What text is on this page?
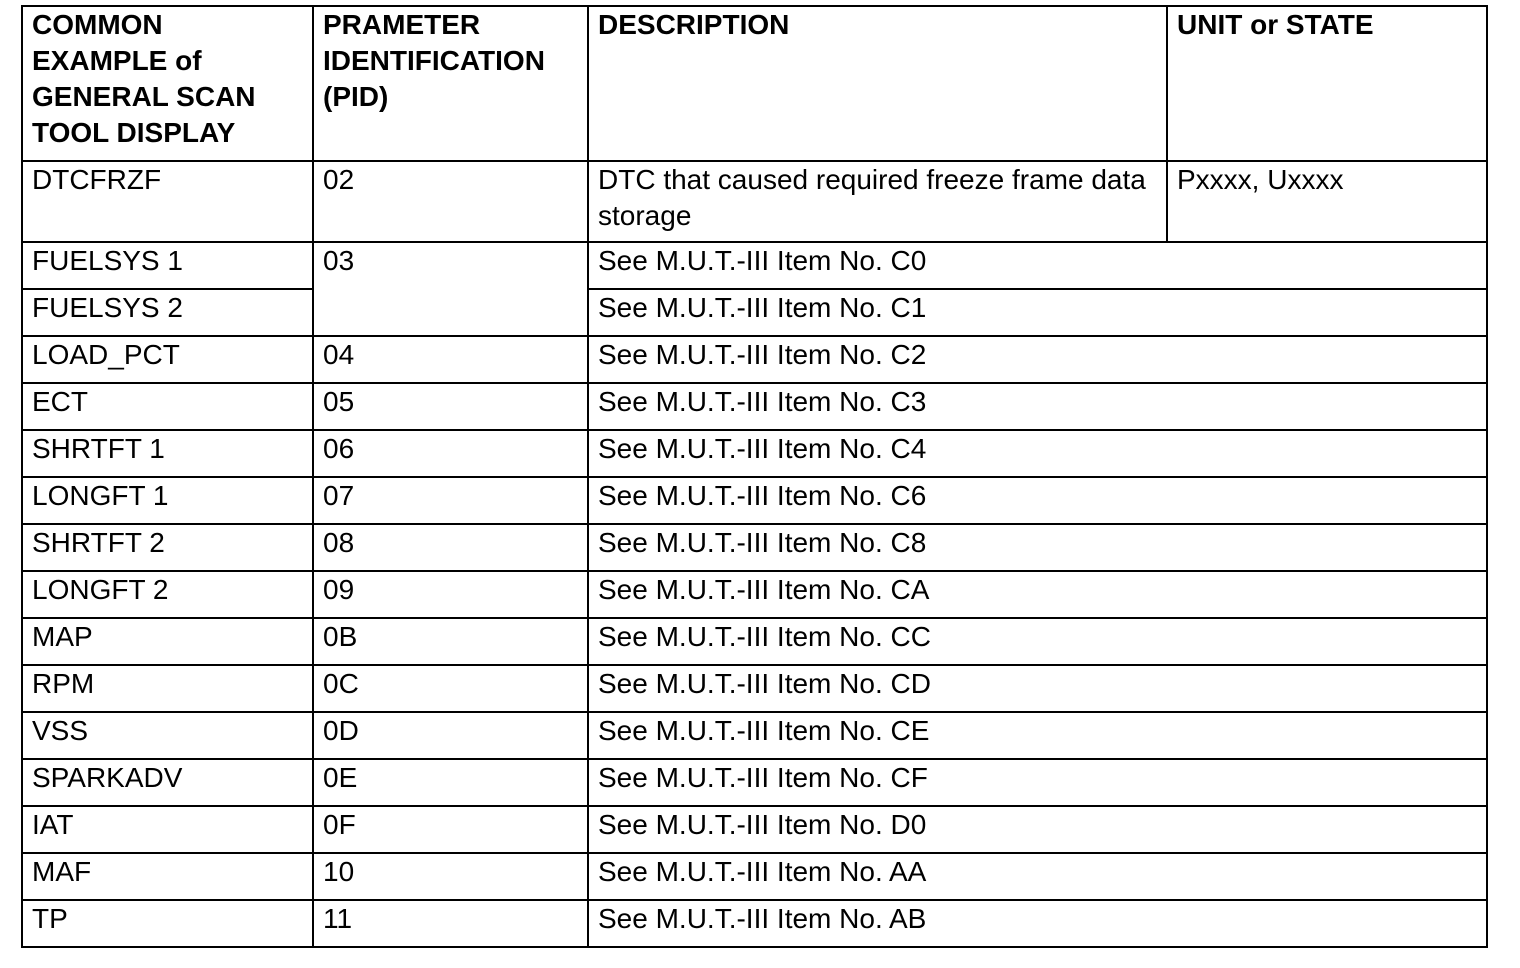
COMMON EXAMPLE of GENERAL SCAN TOOL DISPLAY	PRAMETER IDENTIFICATION (PID)	DESCRIPTION	UNIT or STATE

DTCFRZF	02	DTC that caused required freeze frame data storage	Pxxxx, Uxxxx
FUELSYS 1	03	See M.U.T.-III Item No. C0	
FUELSYS 2		See M.U.T.-III Item No. C1	
LOAD_PCT	04	See M.U.T.-III Item No. C2	
ECT	05	See M.U.T.-III Item No. C3	
SHRTFT 1	06	See M.U.T.-III Item No. C4	
LONGFT 1	07	See M.U.T.-III Item No. C6	
SHRTFT 2	08	See M.U.T.-III Item No. C8	
LONGFT 2	09	See M.U.T.-III Item No. CA	
MAP	0B	See M.U.T.-III Item No. CC	
RPM	0C	See M.U.T.-III Item No. CD	
VSS	0D	See M.U.T.-III Item No. CE	
SPARKADV	0E	See M.U.T.-III Item No. CF	
IAT	0F	See M.U.T.-III Item No. D0	
MAF	10	See M.U.T.-III Item No. AA	
TP	11	See M.U.T.-III Item No. AB	
